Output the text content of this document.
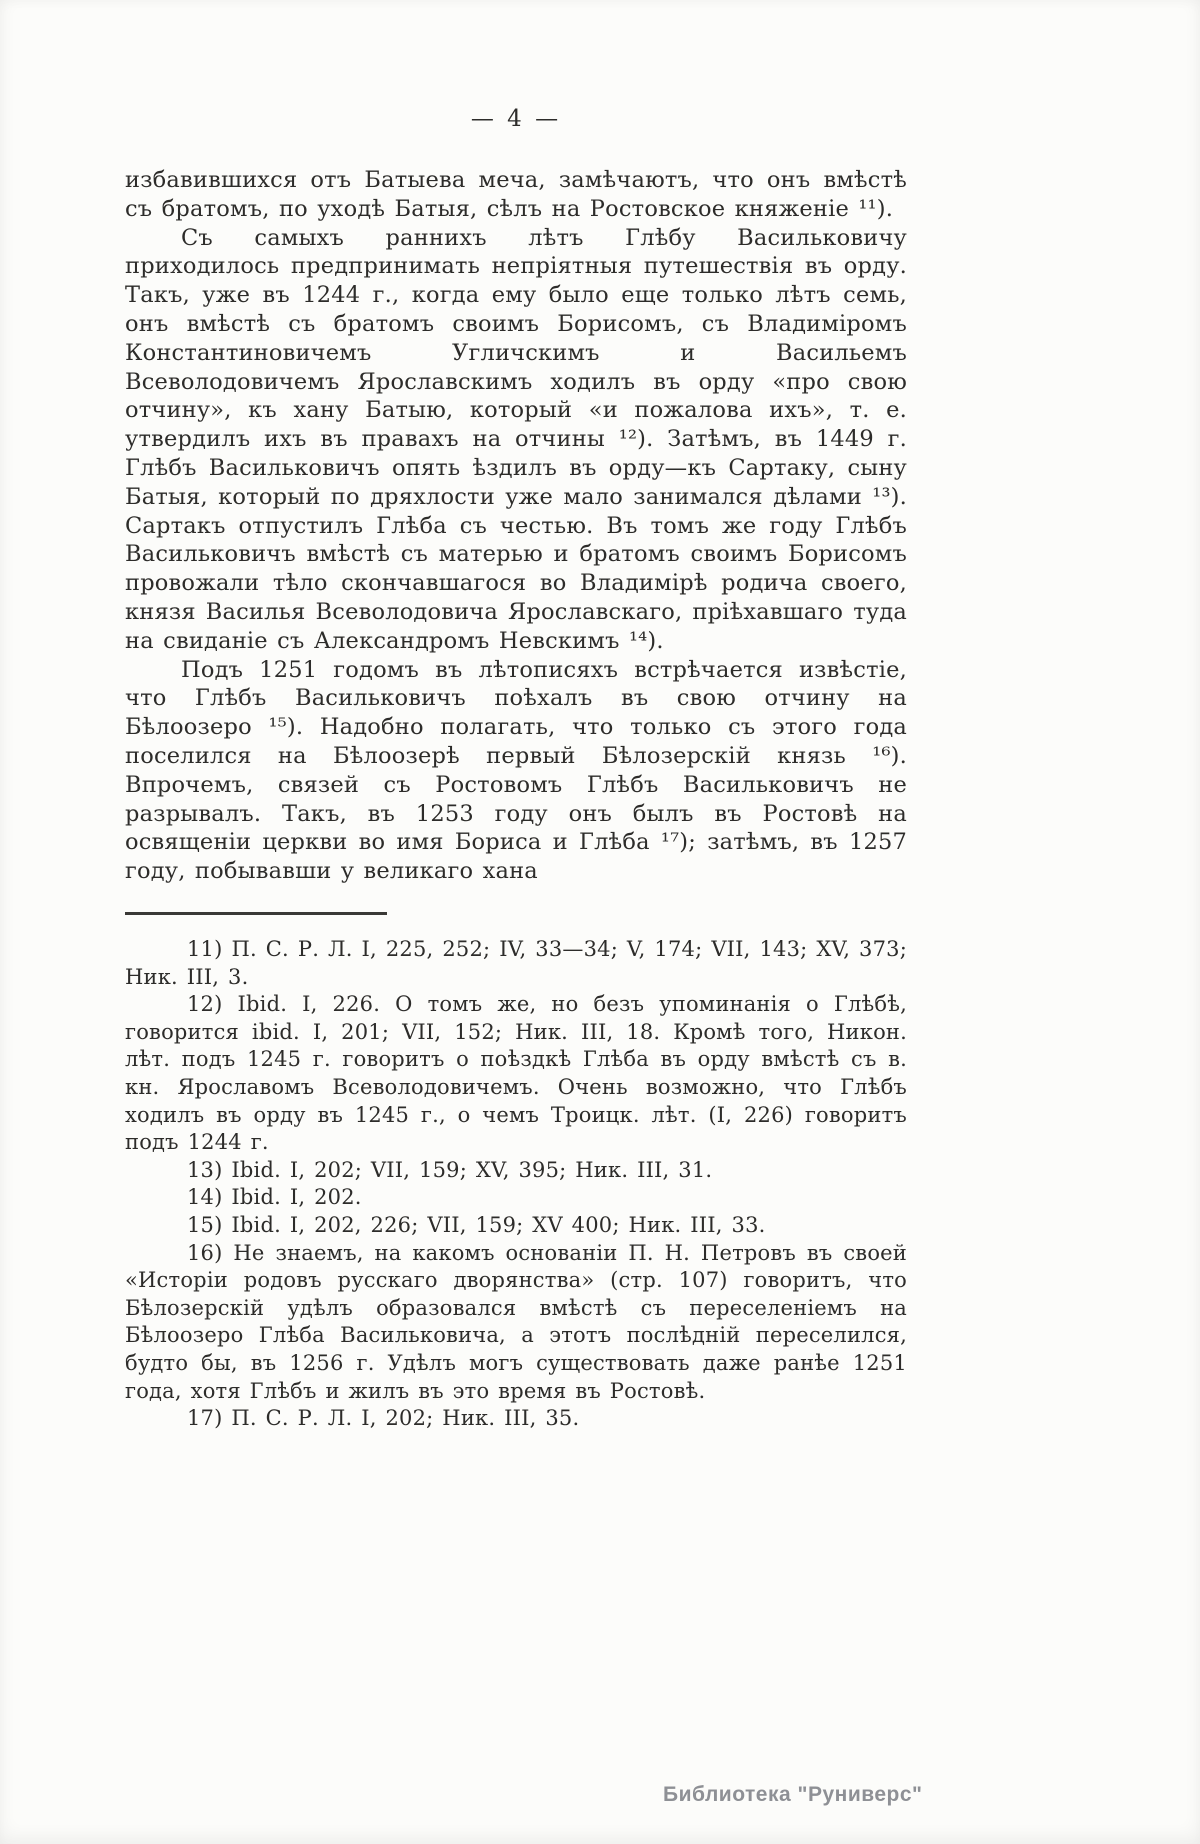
— 4 —

избавившихся отъ Батыева меча, замѣчаютъ, что онъ вмѣстѣ съ братомъ, по уходѣ Батыя, сѣлъ на Ростовское княженіе ¹¹).

Съ самыхъ раннихъ лѣтъ Глѣбу Васильковичу приходилось предпринимать непріятныя путешествія въ орду. Такъ, уже въ 1244 г., когда ему было еще только лѣтъ семь, онъ вмѣстѣ съ братомъ своимъ Борисомъ, съ Владиміромъ Константиновичемъ Угличскимъ и Васильемъ Всеволодовичемъ Ярославскимъ ходилъ въ орду «про свою отчину», къ хану Батыю, который «и пожалова ихъ», т. е. утвердилъ ихъ въ правахъ на отчины ¹²). Затѣмъ, въ 1449 г. Глѣбъ Васильковичъ опять ѣздилъ въ орду—къ Сартаку, сыну Батыя, который по дряхлости уже мало занимался дѣлами ¹³). Сартакъ отпустилъ Глѣба съ честью. Въ томъ же году Глѣбъ Васильковичъ вмѣстѣ съ матерью и братомъ своимъ Борисомъ провожали тѣло скончавшагося во Владимірѣ родича своего, князя Василья Всеволодовича Ярославскаго, пріѣхавшаго туда на свиданіе съ Александромъ Невскимъ ¹⁴).

Подъ 1251 годомъ въ лѣтописяхъ встрѣчается извѣстіе, что Глѣбъ Васильковичъ поѣхалъ въ свою отчину на Бѣлоозеро ¹⁵). Надобно полагать, что только съ этого года поселился на Бѣлоозерѣ первый Бѣлозерскій князь ¹⁶). Впрочемъ, связей съ Ростовомъ Глѣбъ Васильковичъ не разрывалъ. Такъ, въ 1253 году онъ былъ въ Ростовѣ на освященіи церкви во имя Бориса и Глѣба ¹⁷); затѣмъ, въ 1257 году, побывавши у великаго хана

11) П. С. Р. Л. I, 225, 252; IV, 33—34; V, 174; VII, 143; XV, 373; Ник. III, 3.

12) Ibid. I, 226. О томъ же, но безъ упоминанія о Глѣбѣ, говорится ibid. I, 201; VII, 152; Ник. III, 18. Кромѣ того, Никон. лѣт. подъ 1245 г. говоритъ о поѣздкѣ Глѣба въ орду вмѣстѣ съ в. кн. Ярославомъ Всеволодовичемъ. Очень возможно, что Глѣбъ ходилъ въ орду въ 1245 г., о чемъ Троицк. лѣт. (I, 226) говоритъ подъ 1244 г.

13) Ibid. I, 202; VII, 159; XV, 395; Ник. III, 31.

14) Ibid. I, 202.

15) Ibid. I, 202, 226; VII, 159; XV 400; Ник. III, 33.

16) Не знаемъ, на какомъ основаніи П. Н. Петровъ въ своей «Исторіи родовъ русскаго дворянства» (стр. 107) говоритъ, что Бѣлозерскій удѣлъ образовался вмѣстѣ съ переселеніемъ на Бѣлоозеро Глѣба Васильковича, а этотъ послѣдній переселился, будто бы, въ 1256 г. Удѣлъ могъ существовать даже ранѣе 1251 года, хотя Глѣбъ и жилъ въ это время въ Ростовѣ.

17) П. С. Р. Л. I, 202; Ник. III, 35.

Библиотека "Руниверс"
